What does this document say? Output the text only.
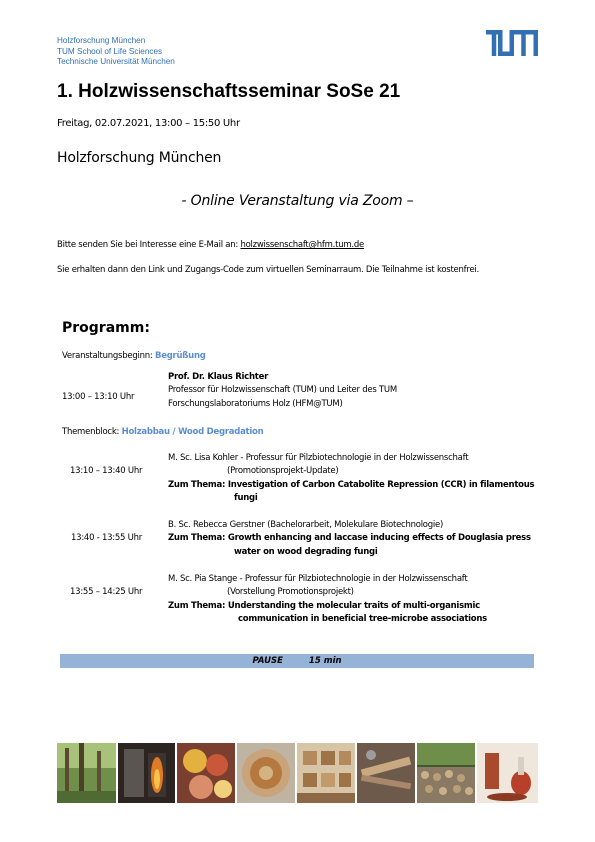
Holzforschung München
TUM School of Life Sciences
Technische Universität München
1. Holzwissenschaftsseminar SoSe 21
Freitag, 02.07.2021, 13:00 – 15:50 Uhr
Holzforschung München
- Online Veranstaltung via Zoom –
Bitte senden Sie bei Interesse eine E-Mail an: holzwissenschaft@hfm.tum.de
Sie erhalten dann den Link und Zugangs-Code zum virtuellen Seminarraum. Die Teilnahme ist kostenfrei.
Programm:
Veranstaltungsbeginn: Begrüßung
13:00 – 13:10 Uhr
Prof. Dr. Klaus Richter
Professor für Holzwissenschaft (TUM) und Leiter des TUM
Forschungslaboratoriums Holz (HFM@TUM)
Themenblock: Holzabbau / Wood Degradation
13:10 – 13:40 Uhr
M. Sc. Lisa Kohler - Professur für Pilzbiotechnologie in der Holzwissenschaft
(Promotionsprojekt-Update)
Zum Thema: Investigation of Carbon Catabolite Repression (CCR) in filamentous
fungi
13:40 - 13:55 Uhr
B. Sc. Rebecca Gerstner (Bachelorarbeit, Molekulare Biotechnologie)
Zum Thema: Growth enhancing and laccase inducing effects of Douglasia press
water on wood degrading fungi
13:55 – 14:25 Uhr
M. Sc. Pia Stange - Professur für Pilzbiotechnologie in der Holzwissenschaft
(Vorstellung Promotionsprojekt)
Zum Thema: Understanding the molecular traits of multi-organismic
communication in beneficial tree-microbe associations
PAUSE	15 min
